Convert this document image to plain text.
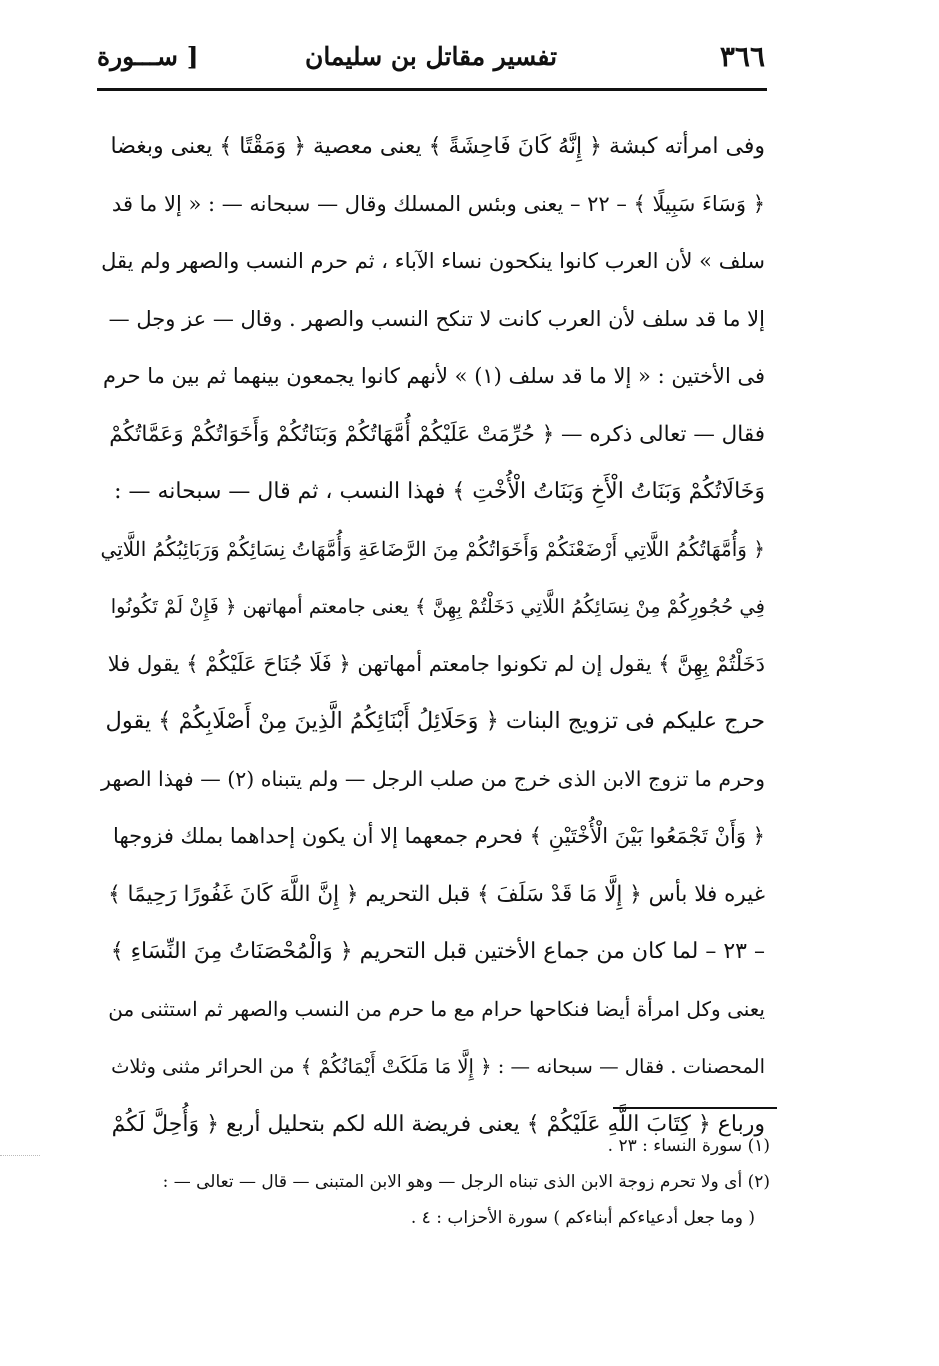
٣٦٦
تفسير مقاتل بن سليمان
[ ســـورة
وفى امرأته كبشة ﴿ إِنَّهُ كَانَ فَاحِشَةً ﴾ يعنى معصية ﴿ وَمَقْتًا ﴾ يعنى وبغضا
﴿ وَسَاءَ سَبِيلًا ﴾ – ٢٢ – يعنى وبئس المسلك وقال — سبحانه — : « إلا ما قد
سلف » لأن العرب كانوا ينكحون نساء الآباء ، ثم حرم النسب والصهر ولم يقل
إلا ما قد سلف لأن العرب كانت لا تنكح النسب والصهر . وقال — عز وجل —
فى الأختين : « إلا ما قد سلف (١) » لأنهم كانوا يجمعون بينهما ثم بين ما حرم
فقال — تعالى ذكره — ﴿ حُرِّمَتْ عَلَيْكُمْ أُمَّهَاتُكُمْ وَبَنَاتُكُمْ وَأَخَوَاتُكُمْ وَعَمَّاتُكُمْ
وَخَالَاتُكُمْ وَبَنَاتُ الْأَخِ وَبَنَاتُ الْأُخْتِ ﴾ فهذا النسب ، ثم قال — سبحانه — :
﴿ وَأُمَّهَاتُكُمُ اللَّاتِي أَرْضَعْنَكُمْ وَأَخَوَاتُكُمْ مِنَ الرَّضَاعَةِ وَأُمَّهَاتُ نِسَائِكُمْ وَرَبَائِبُكُمُ اللَّاتِي
فِي حُجُورِكُمْ مِنْ نِسَائِكُمُ اللَّاتِي دَخَلْتُمْ بِهِنَّ ﴾ يعنى جامعتم أمهاتهن ﴿ فَإِنْ لَمْ تَكُونُوا
دَخَلْتُمْ بِهِنَّ ﴾ يقول إن لم تكونوا جامعتم أمهاتهن ﴿ فَلَا جُنَاحَ عَلَيْكُمْ ﴾ يقول فلا
حرج عليكم فى تزويج البنات ﴿ وَحَلَائِلُ أَبْنَائِكُمُ الَّذِينَ مِنْ أَصْلَابِكُمْ ﴾ يقول
وحرم ما تزوج الابن الذى خرج من صلب الرجل — ولم يتبناه (٢) — فهذا الصهر
﴿ وَأَنْ تَجْمَعُوا بَيْنَ الْأُخْتَيْنِ ﴾ فحرم جمعهما إلا أن يكون إحداهما بملك فزوجها
غيره فلا بأس ﴿ إِلَّا مَا قَدْ سَلَفَ ﴾ قبل التحريم ﴿ إِنَّ اللَّهَ كَانَ غَفُورًا رَحِيمًا ﴾
– ٢٣ – لما كان من جماع الأختين قبل التحريم ﴿ وَالْمُحْصَنَاتُ مِنَ النِّسَاءِ ﴾
يعنى وكل امرأة أيضا فنكاحها حرام مع ما حرم من النسب والصهر ثم استثنى من
المحصنات . فقال — سبحانه — : ﴿ إِلَّا مَا مَلَكَتْ أَيْمَانُكُمْ ﴾ من الحرائر مثنى وثلاث
ورباع ﴿ كِتَابَ اللَّهِ عَلَيْكُمْ ﴾ يعنى فريضة الله لكم بتحليل أربع ﴿ وَأُحِلَّ لَكُمْ
(١) سورة النساء : ٢٣ .
(٢) أى ولا تحرم زوجة الابن الذى تبناه الرجل — وهو الابن المتبنى — قال — تعالى — :
( وما جعل أدعياءكم أبناءكم ) سورة الأحزاب : ٤ .
